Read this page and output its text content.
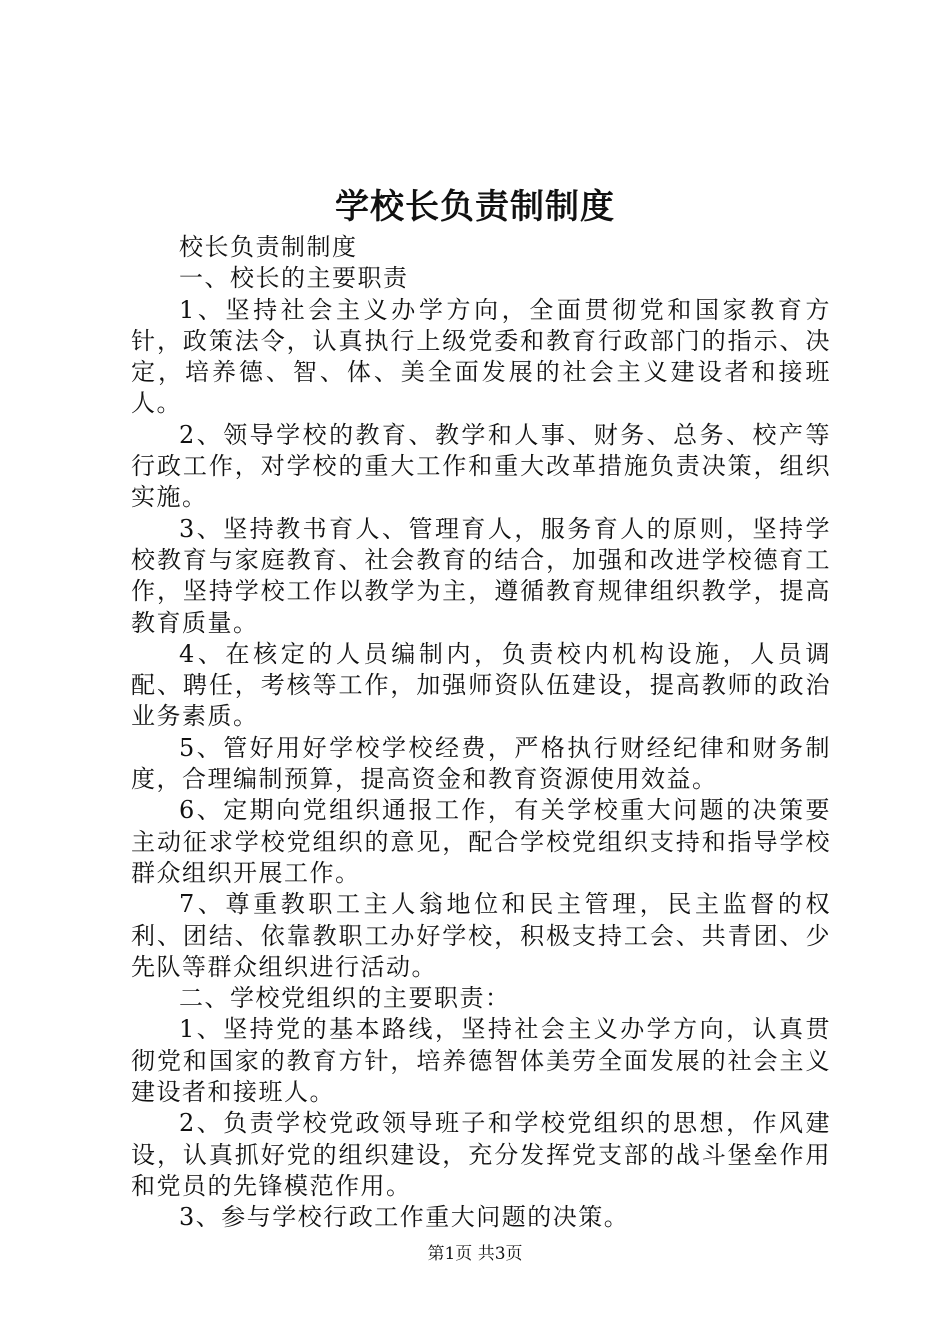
学校长负责制制度

校长负责制制度

一、校长的主要职责

1、坚持社会主义办学方向，全面贯彻党和国家教育方针，政策法令，认真执行上级党委和教育行政部门的指示、决定，培养德、智、体、美全面发展的社会主义建设者和接班人。

2、领导学校的教育、教学和人事、财务、总务、校产等行政工作，对学校的重大工作和重大改革措施负责决策，组织实施。

3、坚持教书育人、管理育人，服务育人的原则，坚持学校教育与家庭教育、社会教育的结合，加强和改进学校德育工作，坚持学校工作以教学为主，遵循教育规律组织教学，提高教育质量。

4、在核定的人员编制内，负责校内机构设施，人员调配、聘任，考核等工作，加强师资队伍建设，提高教师的政治业务素质。

5、管好用好学校学校经费，严格执行财经纪律和财务制度，合理编制预算，提高资金和教育资源使用效益。

6、定期向党组织通报工作，有关学校重大问题的决策要主动征求学校党组织的意见，配合学校党组织支持和指导学校群众组织开展工作。

7、尊重教职工主人翁地位和民主管理，民主监督的权利、团结、依靠教职工办好学校，积极支持工会、共青团、少先队等群众组织进行活动。

二、学校党组织的主要职责：

1、坚持党的基本路线，坚持社会主义办学方向，认真贯彻党和国家的教育方针，培养德智体美劳全面发展的社会主义建设者和接班人。

2、负责学校党政领导班子和学校党组织的思想，作风建设，认真抓好党的组织建设，充分发挥党支部的战斗堡垒作用和党员的先锋模范作用。

3、参与学校行政工作重大问题的决策。

第1页 共3页
